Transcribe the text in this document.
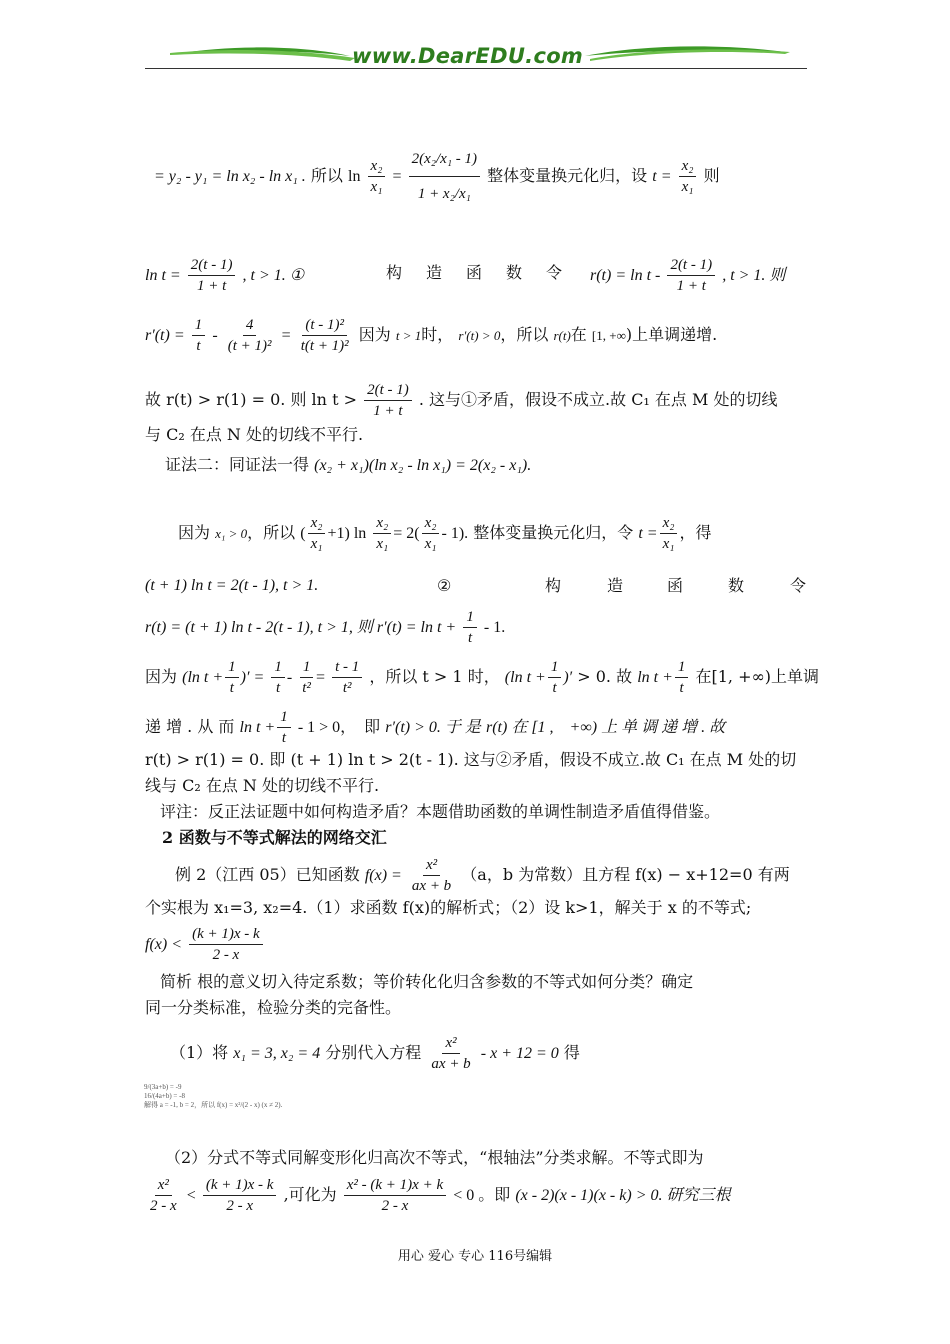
www.DearEDU.com
= y₂ - y₁ = ln x₂ - ln x₁ . 所以 $\ln \frac{\text{x₂}}{\text{x₁}} = \frac{\text{2(x₂/x₁ - 1)}}{\text{1 + x₂/x₁}}$ 整体变量换元化归，设 $t = \frac{\text{x₂}}{\text{x₁}}$ 则
$\ln t = \frac{2(t - 1)}{1 + t}$ , t > 1. ①	构　造　函　数　令 $r(t) = \ln t - \frac{2(t - 1)}{1 + t}$ , t > 1. 则
$r'(t) = \frac{1}{t} - \frac{4}{\text{(t + 1)²}} = \frac{\text{(t - 1)²}}{\text{t(t + 1)²}}$ 因为 t > 1时， r′(t) > 0，所以 r(t)在 [1, +∞)上单调递增.
故 r(t) > r(1) = 0. 则 $\ln t > \frac{2(t - 1)}{1 + t}$ . 这与①矛盾，假设不成立.故 C₁ 在点 M 处的切线
与 C₂ 在点 N 处的切线不平行.
证法二：同证法一得 (x₂ + x₁)(ln x₂ - ln x₁) = 2(x₂ - x₁).
因为 x₁ > 0，所以 ( $\frac{\text{x₂}}{\text{x₁}} +1$) $\ln \frac{\text{x₂}}{\text{x₁}} = 2( \frac{\text{x₂}}{\text{x₁}} - 1)$. 整体变量换元化归，令 $t = \frac{\text{x₂}}{\text{x₁}}$ ，得
(t + 1) ln t = 2(t - 1), t > 1.	②	构	造	函	数	令
r(t) = (t + 1) ln t - 2(t - 1), t > 1, 则 $r'(t) = \ln t + \frac{1}{t} - 1$.
因为 (ln $t + \frac{1}{t}$ )′ = $\frac{1}{t} - \frac{1}{\text{t²}} = \frac{t - 1}{\text{t²}}$ ，所以 t > 1 时， (ln $t + \frac{1}{t}$ )′ > 0. 故 $\ln t + \frac{1}{t}$ 在[1, +∞)上单调
递 增 . 从 而 $\ln t + \frac{1}{t} - 1 > 0$，　即 r′(t) > 0. 于 是 r(t) 在 [1 ,　+∞) 上 单 调 递 增 . 故
r(t) > r(1) = 0. 即 (t + 1) ln t > 2(t - 1). 这与②矛盾，假设不成立.故 C₁ 在点 M 处的切
线与 C₂ 在点 N 处的切线不平行.
评注：反正法证题中如何构造矛盾？本题借助函数的单调性制造矛盾值得借鉴。
2 函数与不等式解法的网络交汇
例 2（江西 05）已知函数 $f(x) = \frac{\text{x²}}{ax + b} (a$，b 为常数）且方程 f(x) − x+12=0 有两
个实根为 x₁=3, x₂=4.（1）求函数 f(x)的解析式；（2）设 k>1，解关于 x 的不等式;
$f(x) < \frac{(k + 1)x - k}{2 - x}$
简析 根的意义切入待定系数；等价转化化归含参数的不等式如何分类？确定
同一分类标准，检验分类的完备性。
（1）将 x₁ = 3, x₂ = 4 分别代入方程 $\frac{\text{x²}}{ax + b} - x + 12 = 0$ 得
9/(3a+b) = -9
16/(4a+b) = -8
解得 a = -1, b = 2，所以 f(x) = x²/(2 - x) (x ≠ 2).
（2）分式不等式同解变形化归高次不等式，“根轴法”分类求解。不等式即为
$\frac{\text{x²}}{2 - x} < \frac{(k + 1)x - k}{2 - x}$ ,可化为 $\frac{\text{x² - (k + 1)x + k}}{2 - x} < 0$ 。即 (x - 2)(x - 1)(x - k) > 0. 研究三根
用心 爱心 专心 116号编辑
